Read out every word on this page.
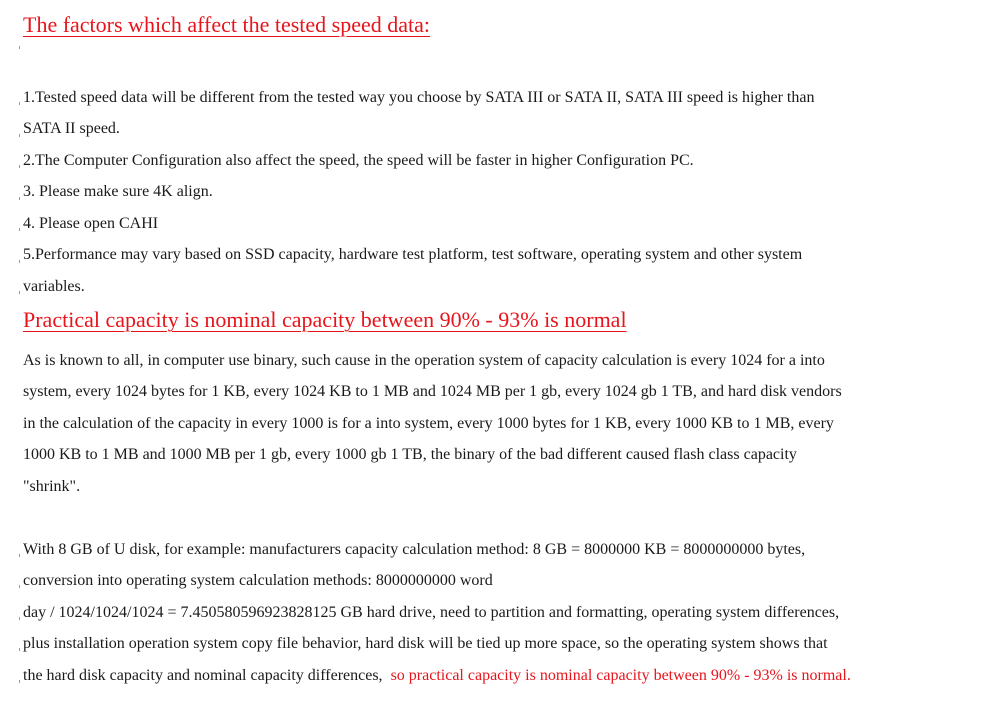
The factors which affect the tested speed data:
1.Tested speed data will be different from the tested way you choose by SATA III or SATA II, SATA III speed is higher than
SATA II speed.
2.The Computer Configuration also affect the speed, the speed will be faster in higher Configuration PC.
3. Please make sure 4K align.
4. Please open CAHI
5.Performance may vary based on SSD capacity, hardware test platform, test software, operating system and other system
variables.
Practical capacity is nominal capacity between 90% - 93% is normal
As is known to all, in computer use binary, such cause in the operation system of capacity calculation is every 1024 for a into
system, every 1024 bytes for 1 KB, every 1024 KB to 1 MB and 1024 MB per 1 gb, every 1024 gb 1 TB, and hard disk vendors
in the calculation of the capacity in every 1000 is for a into system, every 1000 bytes for 1 KB, every 1000 KB to 1 MB, every
1000 KB to 1 MB and 1000 MB per 1 gb, every 1000 gb 1 TB, the binary of the bad different caused flash class capacity
"shrink".
With 8 GB of U disk, for example: manufacturers capacity calculation method: 8 GB = 8000000 KB = 8000000000 bytes,
conversion into operating system calculation methods: 8000000000 word
day / 1024/1024/1024 = 7.450580596923828125 GB hard drive, need to partition and formatting, operating system differences,
plus installation operation system copy file behavior, hard disk will be tied up more space, so the operating system shows that
the hard disk capacity and nominal capacity differences, so practical capacity is nominal capacity between 90% - 93% is normal.
